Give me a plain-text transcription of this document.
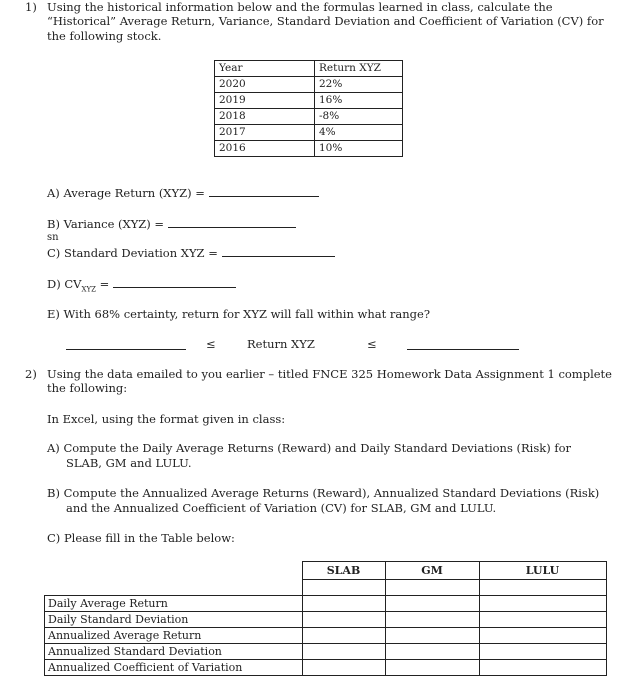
1) Using the historical information below and the formulas learned in class, calculate the
“Historical” Average Return, Variance, Standard Deviation and Coefficient of Variation (CV) for
the following stock.
Year	Return XYZ
2020	22%
2019	16%
2018	-8%
2017	4%
2016	10%
A) Average Return (XYZ) =
B) Variance (XYZ) =
sn
C) Standard Deviation XYZ =
D) $CV_{XYZ}$ =
E) With 68% certainty, return for XYZ will fall within what range?
≤	Return XYZ	≤
2) Using the data emailed to you earlier – titled FNCE 325 Homework Data Assignment 1 complete
the following:
In Excel, using the format given in class:
A) Compute the Daily Average Returns (Reward) and Daily Standard Deviations (Risk) for
SLAB, GM and LULU.
B) Compute the Annualized Average Returns (Reward), Annualized Standard Deviations (Risk)
and the Annualized Coefficient of Variation (CV) for SLAB, GM and LULU.
C) Please fill in the Table below:
	SLAB	GM	LULU

Daily Average Return			
Daily Standard Deviation			
Annualized Average Return			
Annualized Standard Deviation			
Annualized Coefficient of Variation			
